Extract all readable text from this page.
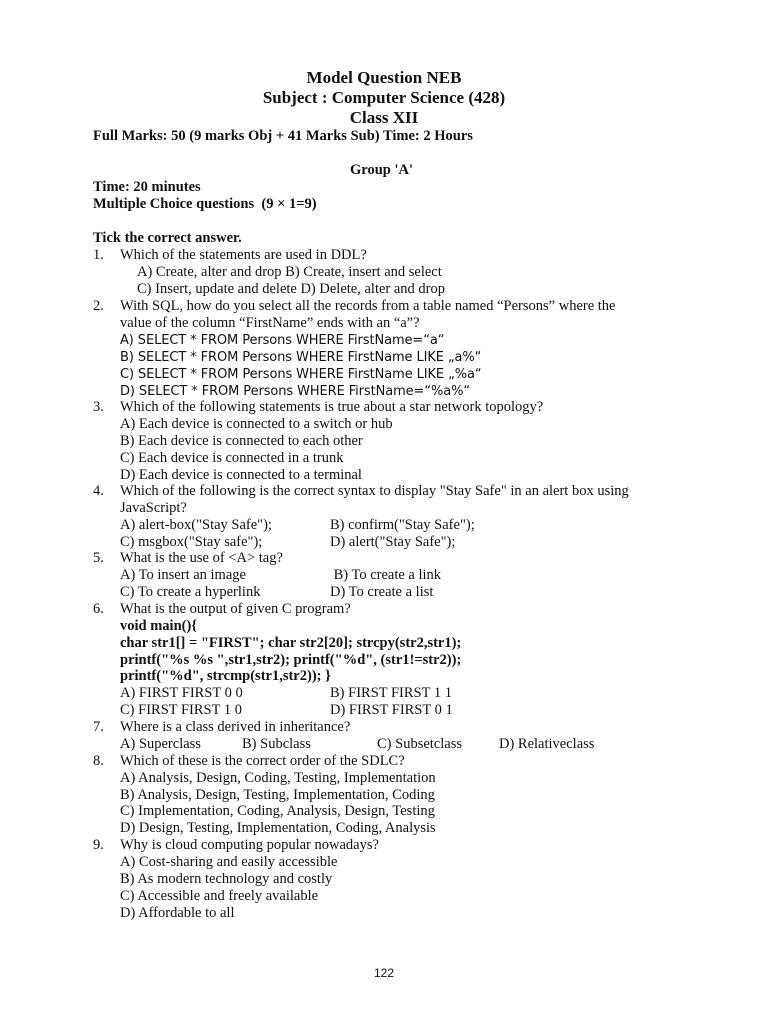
Model Question NEB
Subject : Computer Science (428)
Class XII
Full Marks: 50 (9 marks Obj + 41 Marks Sub) Time: 2 Hours
Group 'A'
Time: 20 minutes
Multiple Choice questions  (9 × 1=9)
Tick the correct answer.
1. Which of the statements are used in DDL?
A) Create, alter and drop B) Create, insert and select
C) Insert, update and delete D) Delete, alter and drop
2. With SQL, how do you select all the records from a table named “Persons” where the
value of the column “FirstName” ends with an “a”?
A) SELECT * FROM Persons WHERE FirstName=“a“
B) SELECT * FROM Persons WHERE FirstName LIKE „a%“
C) SELECT * FROM Persons WHERE FirstName LIKE „%a“
D) SELECT * FROM Persons WHERE FirstName=“%a%“
3. Which of the following statements is true about a star network topology?
A) Each device is connected to a switch or hub
B) Each device is connected to each other
C) Each device is connected in a trunk
D) Each device is connected to a terminal
4. Which of the following is the correct syntax to display "Stay Safe" in an alert box using
JavaScript?
A) alert-box("Stay Safe");	B) confirm("Stay Safe");
C) msgbox("Stay safe");	D) alert("Stay Safe");
5. What is the use of <A> tag?
A) To insert an image	B) To create a link
C) To create a hyperlink	D) To create a list
6. What is the output of given C program?
void main(){
char str1[] = "FIRST"; char str2[20]; strcpy(str2,str1);
printf("%s %s ",str1,str2); printf("%d", (str1!=str2));
printf("%d", strcmp(str1,str2)); }
A) FIRST FIRST 0 0	B) FIRST FIRST 1 1
C) FIRST FIRST 1 0	D) FIRST FIRST 0 1
7. Where is a class derived in inheritance?
A) Superclass	B) Subclass	C) Subsetclass	D) Relativeclass
8. Which of these is the correct order of the SDLC?
A) Analysis, Design, Coding, Testing, Implementation
B) Analysis, Design, Testing, Implementation, Coding
C) Implementation, Coding, Analysis, Design, Testing
D) Design, Testing, Implementation, Coding, Analysis
9. Why is cloud computing popular nowadays?
A) Cost-sharing and easily accessible
B) As modern technology and costly
C) Accessible and freely available
D) Affordable to all
122
